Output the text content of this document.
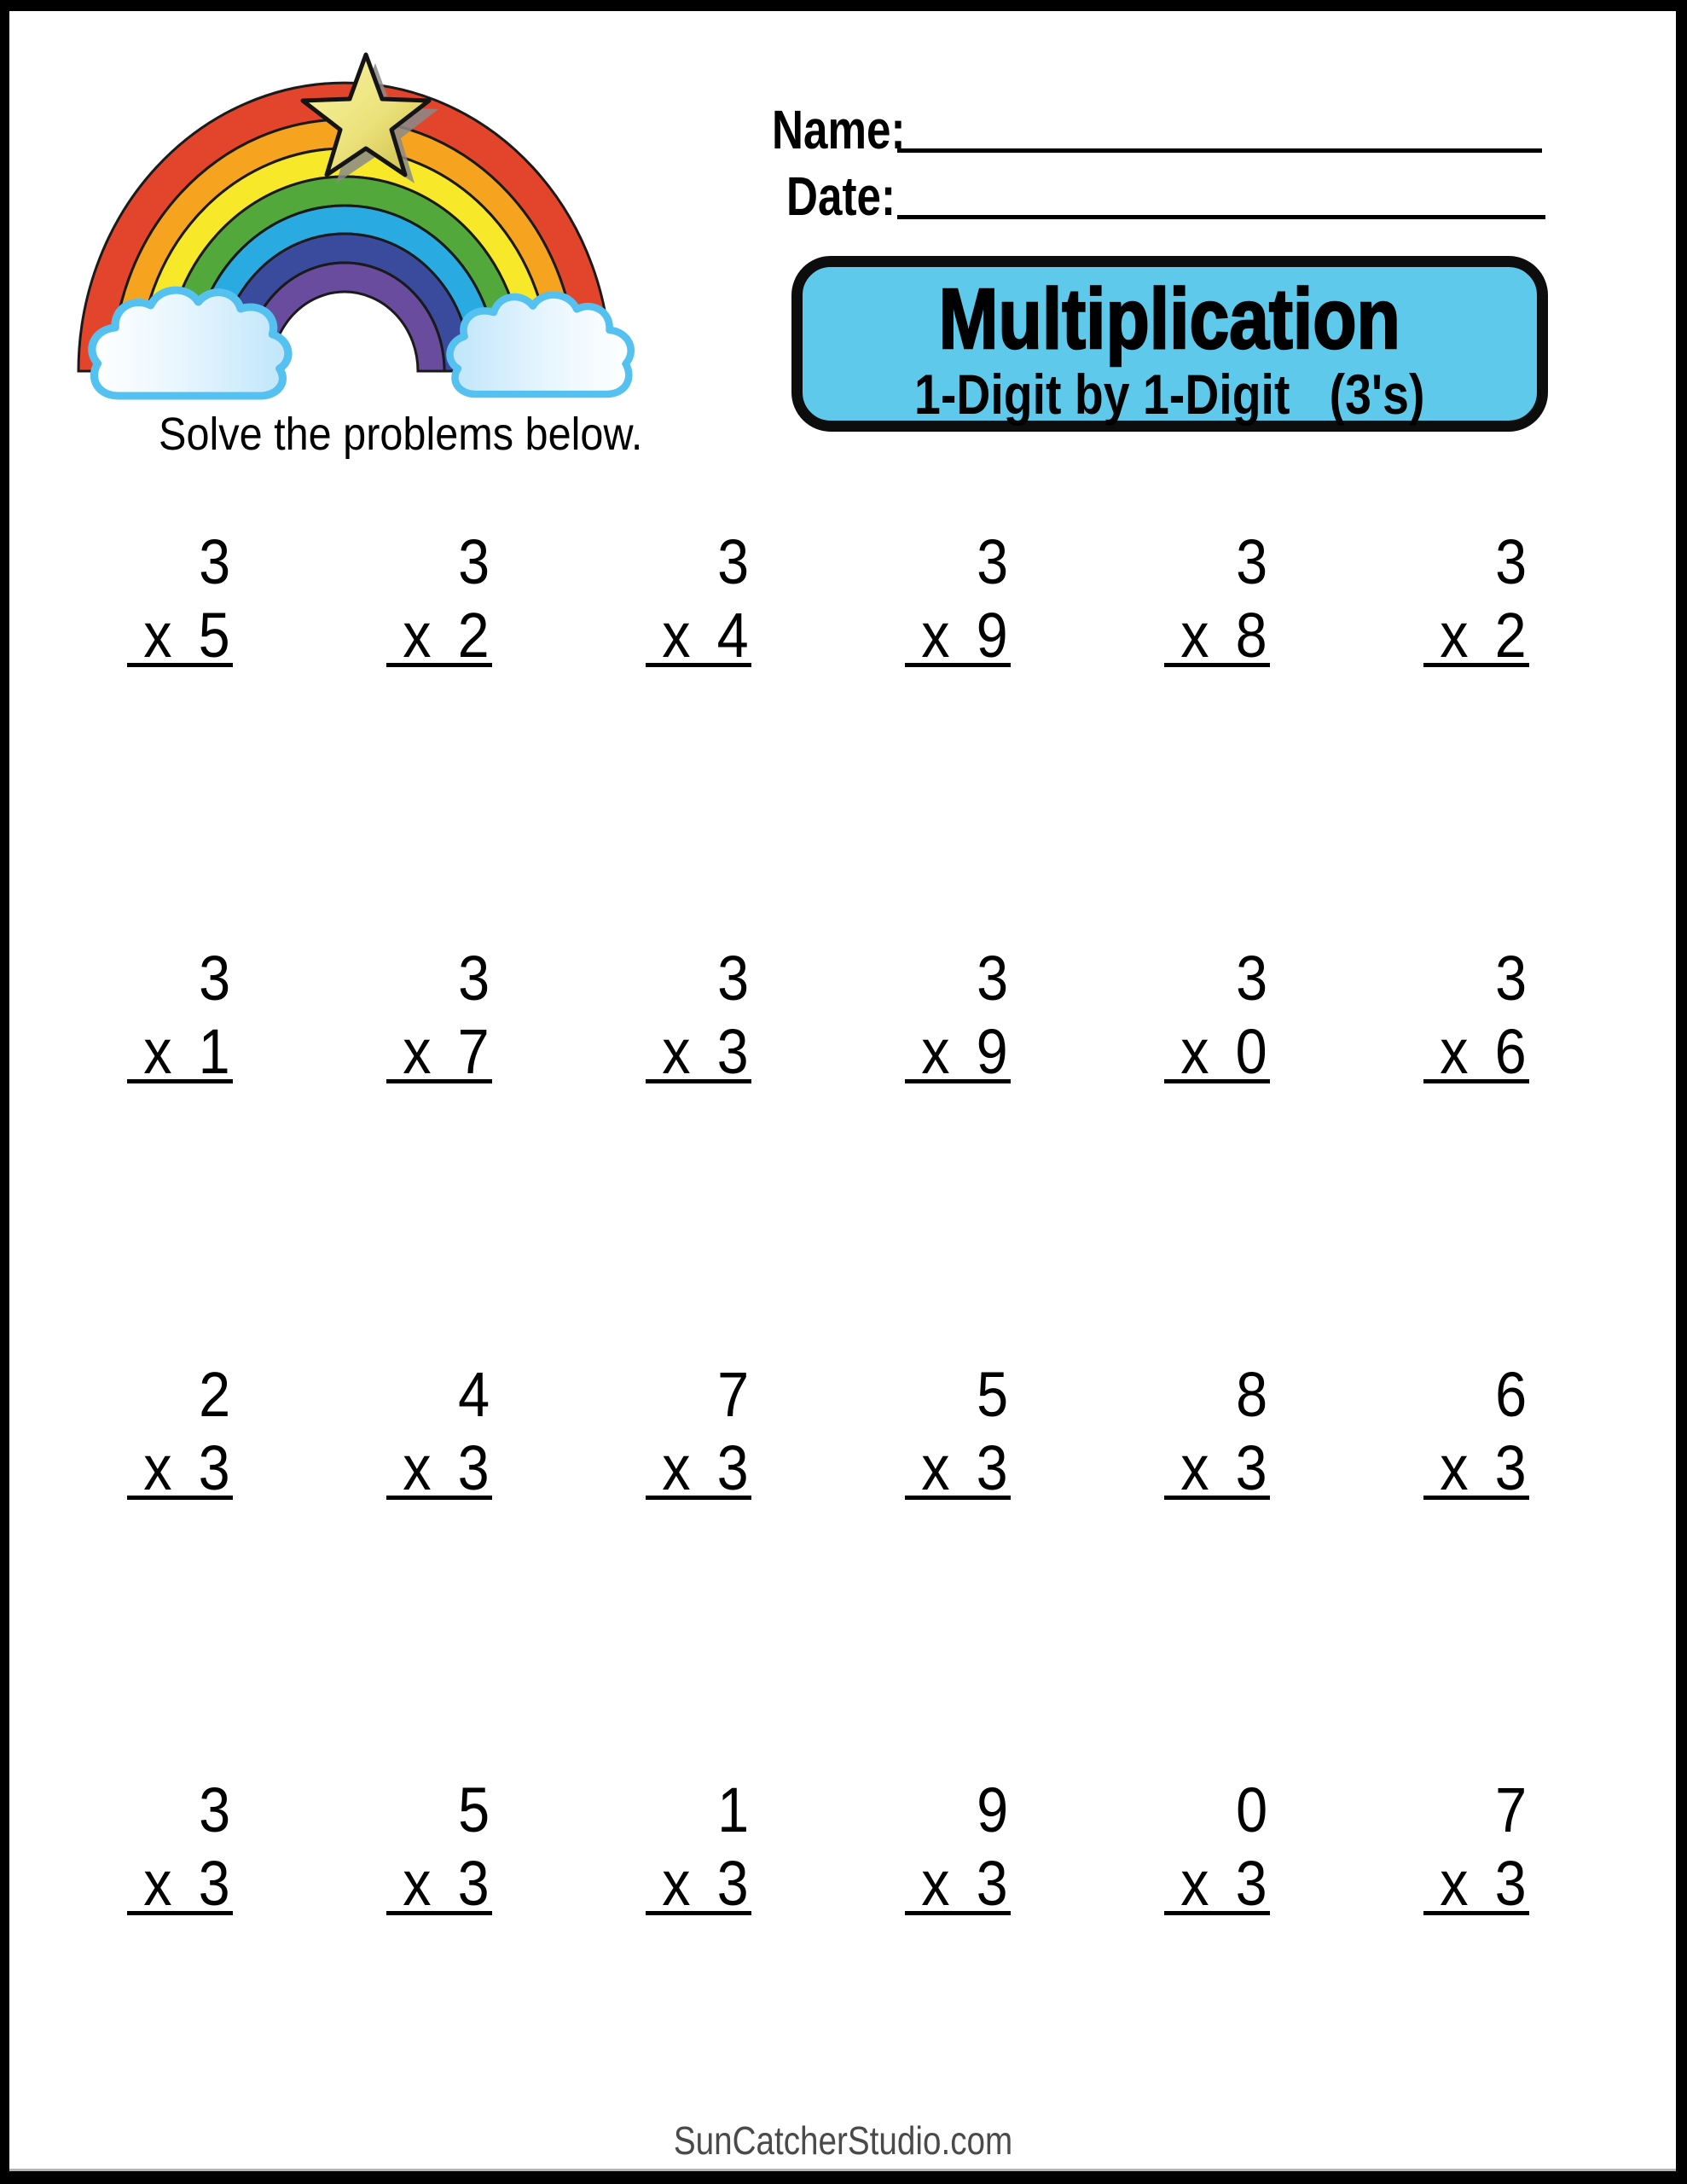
Name:
Date:
Multiplication
1-Digit by 1-Digit   (3's)
Solve the problems below.
3
x 5
3
x 2
3
x 4
3
x 9
3
x 8
3
x 2
3
x 1
3
x 7
3
x 3
3
x 9
3
x 0
3
x 6
2
x 3
4
x 3
7
x 3
5
x 3
8
x 3
6
x 3
3
x 3
5
x 3
1
x 3
9
x 3
0
x 3
7
x 3
SunCatcherStudio.com
